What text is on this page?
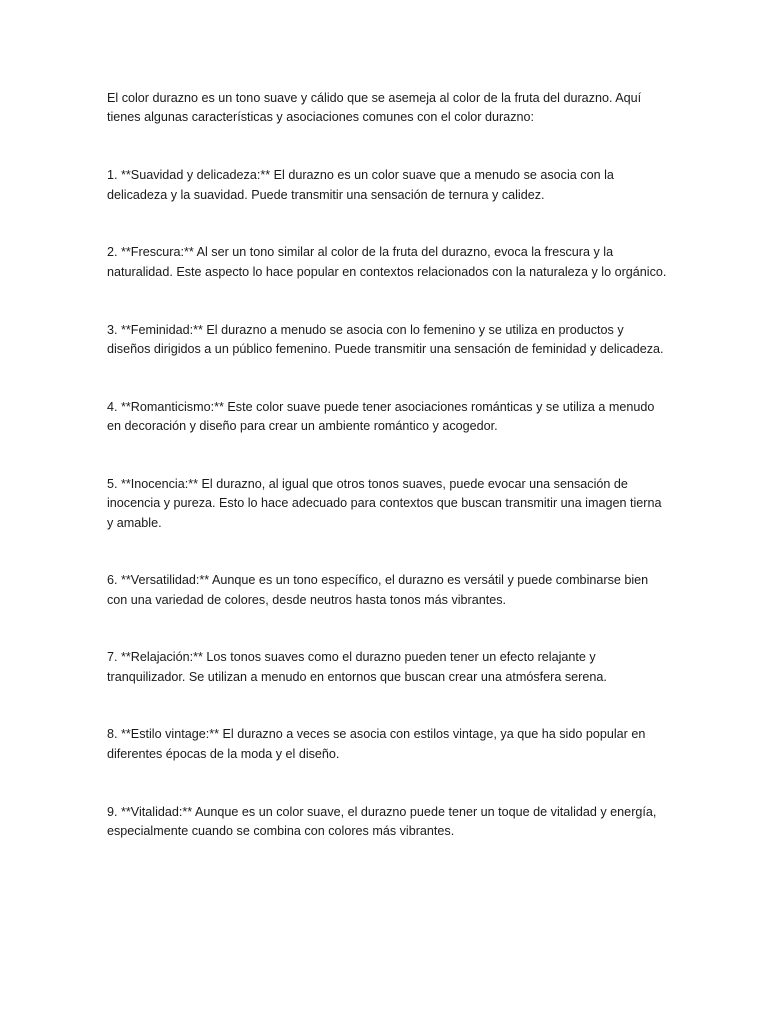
El color durazno es un tono suave y cálido que se asemeja al color de la fruta del durazno. Aquí tienes algunas características y asociaciones comunes con el color durazno:

1. **Suavidad y delicadeza:** El durazno es un color suave que a menudo se asocia con la delicadeza y la suavidad. Puede transmitir una sensación de ternura y calidez.

2. **Frescura:** Al ser un tono similar al color de la fruta del durazno, evoca la frescura y la naturalidad. Este aspecto lo hace popular en contextos relacionados con la naturaleza y lo orgánico.

3. **Feminidad:** El durazno a menudo se asocia con lo femenino y se utiliza en productos y diseños dirigidos a un público femenino. Puede transmitir una sensación de feminidad y delicadeza.

4. **Romanticismo:** Este color suave puede tener asociaciones románticas y se utiliza a menudo en decoración y diseño para crear un ambiente romántico y acogedor.

5. **Inocencia:** El durazno, al igual que otros tonos suaves, puede evocar una sensación de inocencia y pureza. Esto lo hace adecuado para contextos que buscan transmitir una imagen tierna y amable.

6. **Versatilidad:** Aunque es un tono específico, el durazno es versátil y puede combinarse bien con una variedad de colores, desde neutros hasta tonos más vibrantes.

7. **Relajación:** Los tonos suaves como el durazno pueden tener un efecto relajante y tranquilizador. Se utilizan a menudo en entornos que buscan crear una atmósfera serena.

8. **Estilo vintage:** El durazno a veces se asocia con estilos vintage, ya que ha sido popular en diferentes épocas de la moda y el diseño.

9. **Vitalidad:** Aunque es un color suave, el durazno puede tener un toque de vitalidad y energía, especialmente cuando se combina con colores más vibrantes.
